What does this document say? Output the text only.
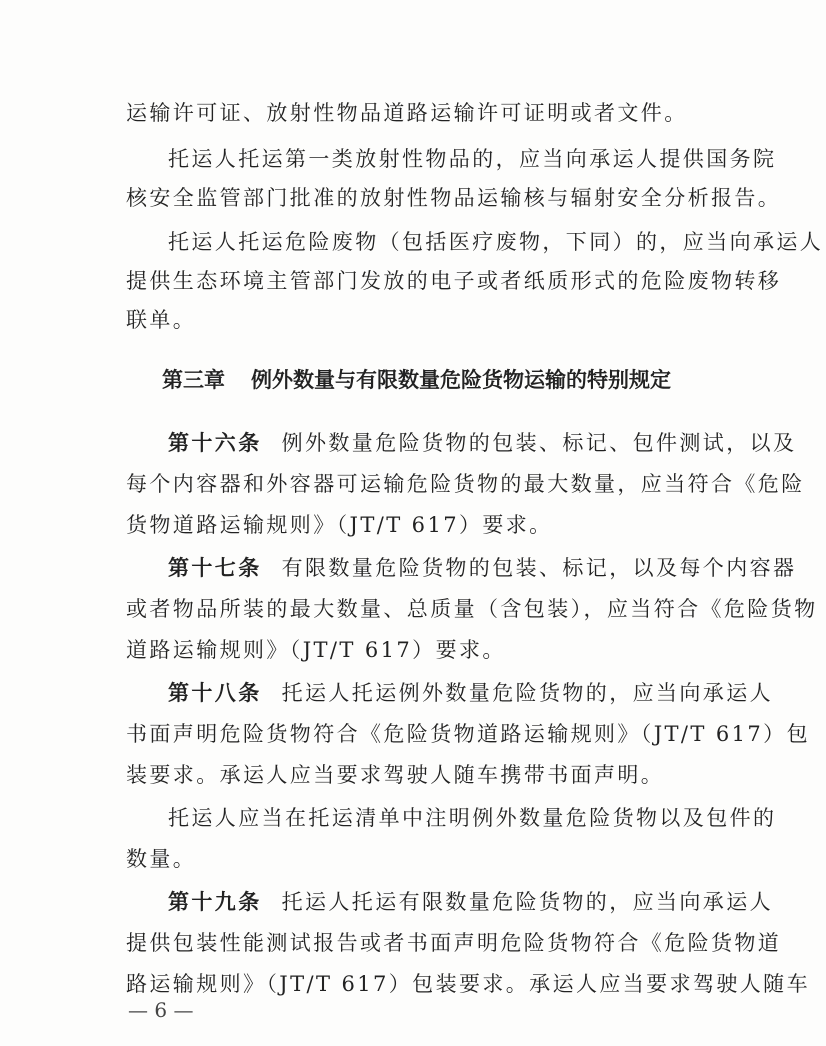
运输许可证、放射性物品道路运输许可证明或者文件。
托运人托运第一类放射性物品的，应当向承运人提供国务院
核安全监管部门批准的放射性物品运输核与辐射安全分析报告。
托运人托运危险废物（包括医疗废物，下同）的，应当向承运人
提供生态环境主管部门发放的电子或者纸质形式的危险废物转移
联单。
第三章 例外数量与有限数量危险货物运输的特别规定
第十六条 例外数量危险货物的包装、标记、包件测试，以及
每个内容器和外容器可运输危险货物的最大数量，应当符合《危险
货物道路运输规则》（JT/T 617）要求。
第十七条 有限数量危险货物的包装、标记，以及每个内容器
或者物品所装的最大数量、总质量（含包装），应当符合《危险货物
道路运输规则》（JT/T 617）要求。
第十八条 托运人托运例外数量危险货物的，应当向承运人
书面声明危险货物符合《危险货物道路运输规则》（JT/T 617）包
装要求。承运人应当要求驾驶人随车携带书面声明。
托运人应当在托运清单中注明例外数量危险货物以及包件的
数量。
第十九条 托运人托运有限数量危险货物的，应当向承运人
提供包装性能测试报告或者书面声明危险货物符合《危险货物道
路运输规则》（JT/T 617）包装要求。承运人应当要求驾驶人随车
— 6 —
